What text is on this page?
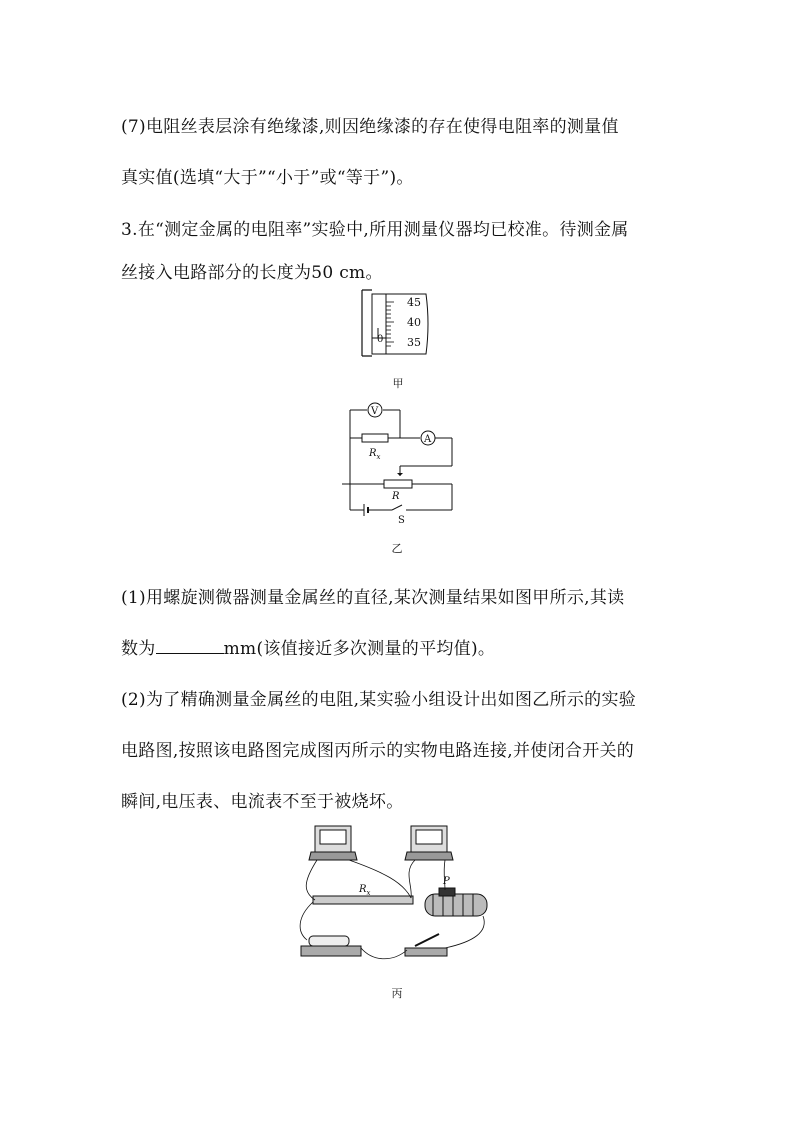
(7)电阻丝表层涂有绝缘漆,则因绝缘漆的存在使得电阻率的测量值
真实值(选填“大于”“小于”或“等于”)。
3.在“测定金属的电阻率”实验中,所用测量仪器均已校准。待测金属
丝接入电路部分的长度为50 cm。
45
40
35
0
甲
V
A
$R_x$
R
S
乙
(1)用螺旋测微器测量金属丝的直径,某次测量结果如图甲所示,其读
数为	mm(该值接近多次测量的平均值)。
(2)为了精确测量金属丝的电阻,某实验小组设计出如图乙所示的实验
电路图,按照该电路图完成图丙所示的实物电路连接,并使闭合开关的
瞬间,电压表、电流表不至于被烧坏。
$R_x$
P
丙
